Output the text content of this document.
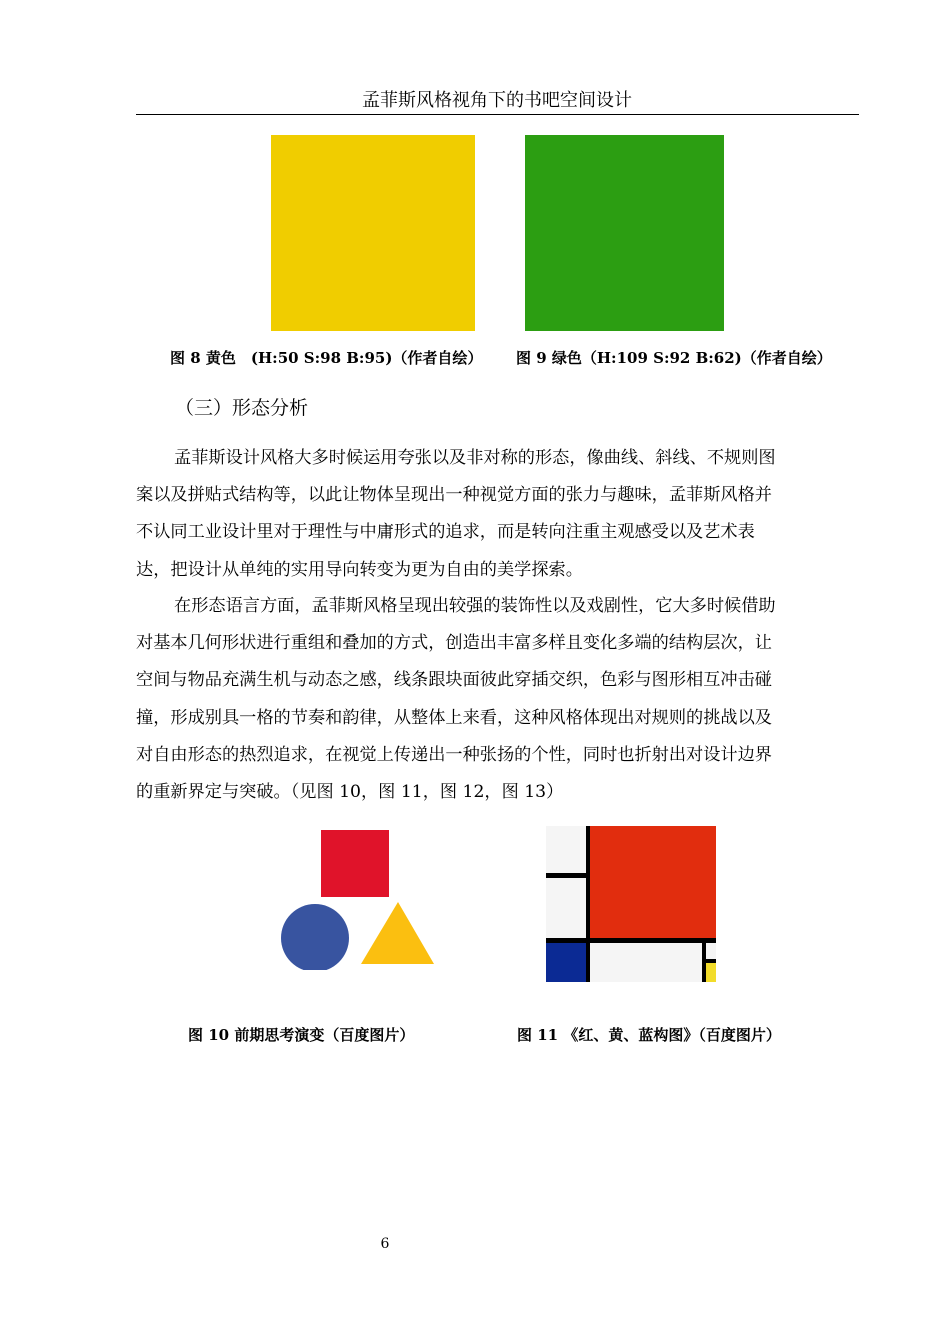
孟菲斯风格视角下的书吧空间设计
图 8 黄色　(H:50 S:98 B:95)（作者自绘） 图 9 绿色（H:109 S:92 B:62)（作者自绘）
（三）形态分析
孟菲斯设计风格大多时候运用夸张以及非对称的形态，像曲线、斜线、不规则图
案以及拼贴式结构等，以此让物体呈现出一种视觉方面的张力与趣味，孟菲斯风格并
不认同工业设计里对于理性与中庸形式的追求，而是转向注重主观感受以及艺术表
达，把设计从单纯的实用导向转变为更为自由的美学探索。
在形态语言方面，孟菲斯风格呈现出较强的装饰性以及戏剧性，它大多时候借助
对基本几何形状进行重组和叠加的方式，创造出丰富多样且变化多端的结构层次，让
空间与物品充满生机与动态之感，线条跟块面彼此穿插交织，色彩与图形相互冲击碰
撞，形成别具一格的节奏和韵律，从整体上来看，这种风格体现出对规则的挑战以及
对自由形态的热烈追求，在视觉上传递出一种张扬的个性，同时也折射出对设计边界
的重新界定与突破。（见图 10，图 11，图 12，图 13）
图 10 前期思考演变（百度图片）	图 11 《红、黄、蓝构图》（百度图片）
6
